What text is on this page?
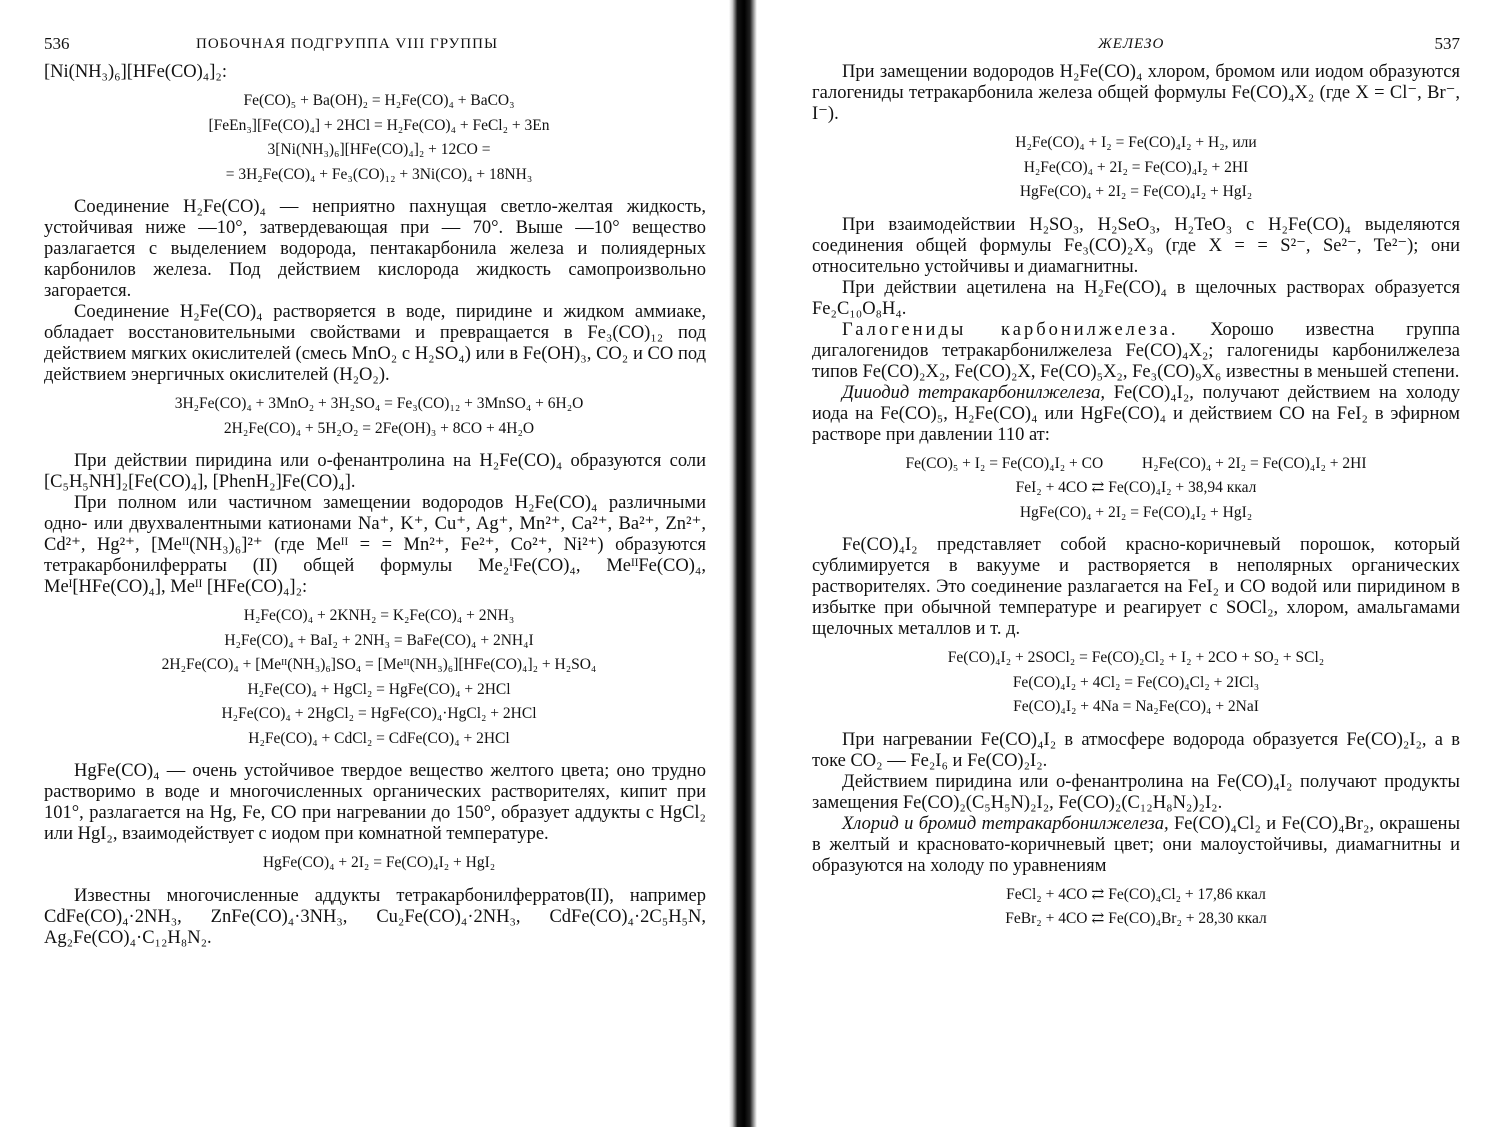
536	ПОБОЧНАЯ ПОДГРУППА VIII ГРУППЫ

[Ni(NH₃)₆][HFe(CO)₄]₂:

Fe(CO)₅ + Ba(OH)₂ = H₂Fe(CO)₄ + BaCO₃
[FeEn₃][Fe(CO)₄] + 2HCl = H₂Fe(CO)₄ + FeCl₂ + 3En
3[Ni(NH₃)₆][HFe(CO)₄]₂ + 12CO =
= 3H₂Fe(CO)₄ + Fe₃(CO)₁₂ + 3Ni(CO)₄ + 18NH₃

Соединение H₂Fe(CO)₄ — неприятно пахнущая светло-желтая жидкость, устойчивая ниже —10°, затвердевающая при — 70°. Выше —10° вещество разлагается с выделением водорода, пентакарбонила железа и полиядерных карбонилов железа. Под действием кислорода жидкость самопроизвольно загорается.

Соединение H₂Fe(CO)₄ растворяется в воде, пиридине и жидком аммиаке, обладает восстановительными свойствами и превращается в Fe₃(CO)₁₂ под действием мягких окислителей (смесь MnO₂ с H₂SO₄) или в Fe(OH)₃, CO₂ и CO под действием энергичных окислителей (H₂O₂).

3H₂Fe(CO)₄ + 3MnO₂ + 3H₂SO₄ = Fe₃(CO)₁₂ + 3MnSO₄ + 6H₂O
2H₂Fe(CO)₄ + 5H₂O₂ = 2Fe(OH)₃ + 8CO + 4H₂O

При действии пиридина или о-фенантролина на H₂Fe(CO)₄ образуются соли [C₅H₅NH]₂[Fe(CO)₄], [PhenH₂]Fe(CO)₄].

При полном или частичном замещении водородов H₂Fe(CO)₄ различными одно- или двухвалентными катионами Na⁺, K⁺, Cu⁺, Ag⁺, Mn²⁺, Ca²⁺, Ba²⁺, Zn²⁺, Cd²⁺, Hg²⁺, [Meᴵᴵ(NH₃)₆]²⁺ (где Meᴵᴵ = = Mn²⁺, Fe²⁺, Co²⁺, Ni²⁺) образуются тетракарбонилферраты (II) общей формулы Me₂ᴵFe(CO)₄, MeᴵᴵFe(CO)₄, Meᴵ[HFe(CO)₄], Meᴵᴵ [HFe(CO)₄]₂:

H₂Fe(CO)₄ + 2KNH₂ = K₂Fe(CO)₄ + 2NH₃
H₂Fe(CO)₄ + BaI₂ + 2NH₃ = BaFe(CO)₄ + 2NH₄I
2H₂Fe(CO)₄ + [Meᴵᴵ(NH₃)₆]SO₄ = [Meᴵᴵ(NH₃)₆][HFe(CO)₄]₂ + H₂SO₄
H₂Fe(CO)₄ + HgCl₂ = HgFe(CO)₄ + 2HCl
H₂Fe(CO)₄ + 2HgCl₂ = HgFe(CO)₄·HgCl₂ + 2HCl
H₂Fe(CO)₄ + CdCl₂ = CdFe(CO)₄ + 2HCl

HgFe(CO)₄ — очень устойчивое твердое вещество желтого цвета; оно трудно растворимо в воде и многочисленных органических растворителях, кипит при 101°, разлагается на Hg, Fe, CO при нагревании до 150°, образует аддукты с HgCl₂ или HgI₂, взаимодействует с иодом при комнатной температуре.

HgFe(CO)₄ + 2I₂ = Fe(CO)₄I₂ + HgI₂

Известны многочисленные аддукты тетракарбонилферратов(II), например CdFe(CO)₄·2NH₃, ZnFe(CO)₄·3NH₃, Cu₂Fe(CO)₄·2NH₃, CdFe(CO)₄·2C₅H₅N, Ag₂Fe(CO)₄·C₁₂H₈N₂.

ЖЕЛЕЗО	537

При замещении водородов H₂Fe(CO)₄ хлором, бромом или иодом образуются галогениды тетракарбонила железа общей формулы Fe(CO)₄X₂ (где X = Cl⁻, Br⁻, I⁻).

H₂Fe(CO)₄ + I₂ = Fe(CO)₄I₂ + H₂, или
H₂Fe(CO)₄ + 2I₂ = Fe(CO)₄I₂ + 2HI
HgFe(CO)₄ + 2I₂ = Fe(CO)₄I₂ + HgI₂

При взаимодействии H₂SO₃, H₂SeO₃, H₂TeO₃ с H₂Fe(CO)₄ выделяются соединения общей формулы Fe₃(CO)₂X₉ (где X = = S²⁻, Se²⁻, Te²⁻); они относительно устойчивы и диамагнитны.

При действии ацетилена на H₂Fe(CO)₄ в щелочных растворах образуется Fe₂C₁₀O₈H₄.

Галогениды карбонилжелеза. Хорошо известна группа дигалогенидов тетракарбонилжелеза Fe(CO)₄X₂; галогениды карбонилжелеза типов Fe(CO)₂X₂, Fe(CO)₂X, Fe(CO)₅X₂, Fe₃(CO)₉X₆ известны в меньшей степени.

Дииодид тетракарбонилжелеза, Fe(CO)₄I₂, получают действием на холоду иода на Fe(CO)₅, H₂Fe(CO)₄ или HgFe(CO)₄ и действием CO на FeI₂ в эфирном растворе при давлении 110 ат:

Fe(CO)₅ + I₂ = Fe(CO)₄I₂ + CO          H₂Fe(CO)₄ + 2I₂ = Fe(CO)₄I₂ + 2HI
FeI₂ + 4CO ⇄ Fe(CO)₄I₂ + 38,94 ккал
HgFe(CO)₄ + 2I₂ = Fe(CO)₄I₂ + HgI₂

Fe(CO)₄I₂ представляет собой красно-коричневый порошок, который сублимируется в вакууме и растворяется в неполярных органических растворителях. Это соединение разлагается на FeI₂ и CO водой или пиридином в избытке при обычной температуре и реагирует с SOCl₂, хлором, амальгамами щелочных металлов и т. д.

Fe(CO)₄I₂ + 2SOCl₂ = Fe(CO)₂Cl₂ + I₂ + 2CO + SO₂ + SCl₂
Fe(CO)₄I₂ + 4Cl₂ = Fe(CO)₄Cl₂ + 2ICl₃
Fe(CO)₄I₂ + 4Na = Na₂Fe(CO)₄ + 2NaI

При нагревании Fe(CO)₄I₂ в атмосфере водорода образуется Fe(CO)₂I₂, а в токе CO₂ — Fe₂I₆ и Fe(CO)₂I₂.

Действием пиридина или о-фенантролина на Fe(CO)₄I₂ получают продукты замещения Fe(CO)₂(C₅H₅N)₂I₂, Fe(CO)₂(C₁₂H₈N₂)₂I₂.

Хлорид и бромид тетракарбонилжелеза, Fe(CO)₄Cl₂ и Fe(CO)₄Br₂, окрашены в желтый и красновато-коричневый цвет; они малоустойчивы, диамагнитны и образуются на холоду по уравнениям

FeCl₂ + 4CO ⇄ Fe(CO)₄Cl₂ + 17,86 ккал
FeBr₂ + 4CO ⇄ Fe(CO)₄Br₂ + 28,30 ккал
